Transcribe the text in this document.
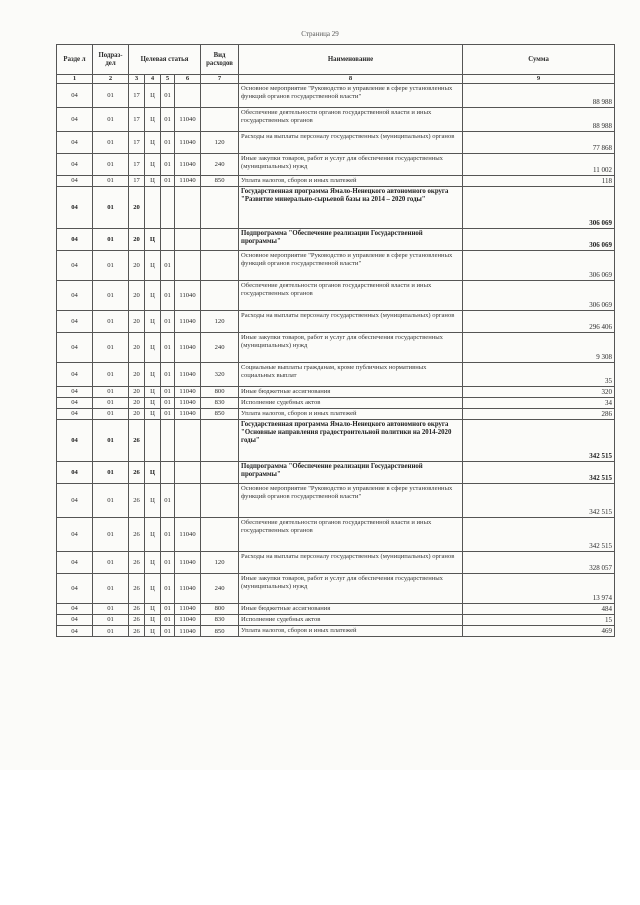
Страница 29
Разде л	Подраз- дел	Целевая статья				Вид расходов	Наименование	Сумма
1	2	3	4	5	6	7	8	9
04	01	17	Ц	01			Основное мероприятие "Руководство и управление в сфере установленных функций органов государственной власти"	88 988
04	01	17	Ц	01	11040		Обеспечение деятельности органов государственной власти и иных государственных органов	88 988
04	01	17	Ц	01	11040	120	Расходы на выплаты персоналу государственных (муниципальных) органов	77 868
04	01	17	Ц	01	11040	240	Иные закупки товаров, работ и услуг для обеспечения государственных (муниципальных) нужд	11 002
04	01	17	Ц	01	11040	850	Уплата налогов, сборов и иных платежей	118
04	01	20					Государственная программа Ямало-Ненецкого автономного округа "Развитие минерально-сырьевой базы на 2014 – 2020 годы"	306 069
04	01	20	Ц				Подпрограмма "Обеспечение реализации Государственной программы"	306 069
04	01	20	Ц	01			Основное мероприятие "Руководство и управление в сфере установленных функций органов государственной власти"	306 069
04	01	20	Ц	01	11040		Обеспечение деятельности органов государственной власти и иных государственных органов	306 069
04	01	20	Ц	01	11040	120	Расходы на выплаты персоналу государственных (муниципальных) органов	296 406
04	01	20	Ц	01	11040	240	Иные закупки товаров, работ и услуг для обеспечения государственных (муниципальных) нужд	9 308
04	01	20	Ц	01	11040	320	Социальные выплаты гражданам, кроме публичных нормативных социальных выплат	35
04	01	20	Ц	01	11040	800	Иные бюджетные ассигнования	320
04	01	20	Ц	01	11040	830	Исполнение судебных актов	34
04	01	20	Ц	01	11040	850	Уплата налогов, сборов и иных платежей	286
04	01	26					Государственная программа Ямало-Ненецкого автономного округа "Основные направления градостроительной политики на 2014-2020 годы"	342 515
04	01	26	Ц				Подпрограмма "Обеспечение реализации Государственной программы"	342 515
04	01	26	Ц	01			Основное мероприятие "Руководство и управление в сфере установленных функций органов государственной власти"	342 515
04	01	26	Ц	01	11040		Обеспечение деятельности органов государственной власти и иных государственных органов	342 515
04	01	26	Ц	01	11040	120	Расходы на выплаты персоналу государственных (муниципальных) органов	328 057
04	01	26	Ц	01	11040	240	Иные закупки товаров, работ и услуг для обеспечения государственных (муниципальных) нужд	13 974
04	01	26	Ц	01	11040	800	Иные бюджетные ассигнования	484
04	01	26	Ц	01	11040	830	Исполнение судебных актов	15
04	01	26	Ц	01	11040	850	Уплата налогов, сборов и иных платежей	469
